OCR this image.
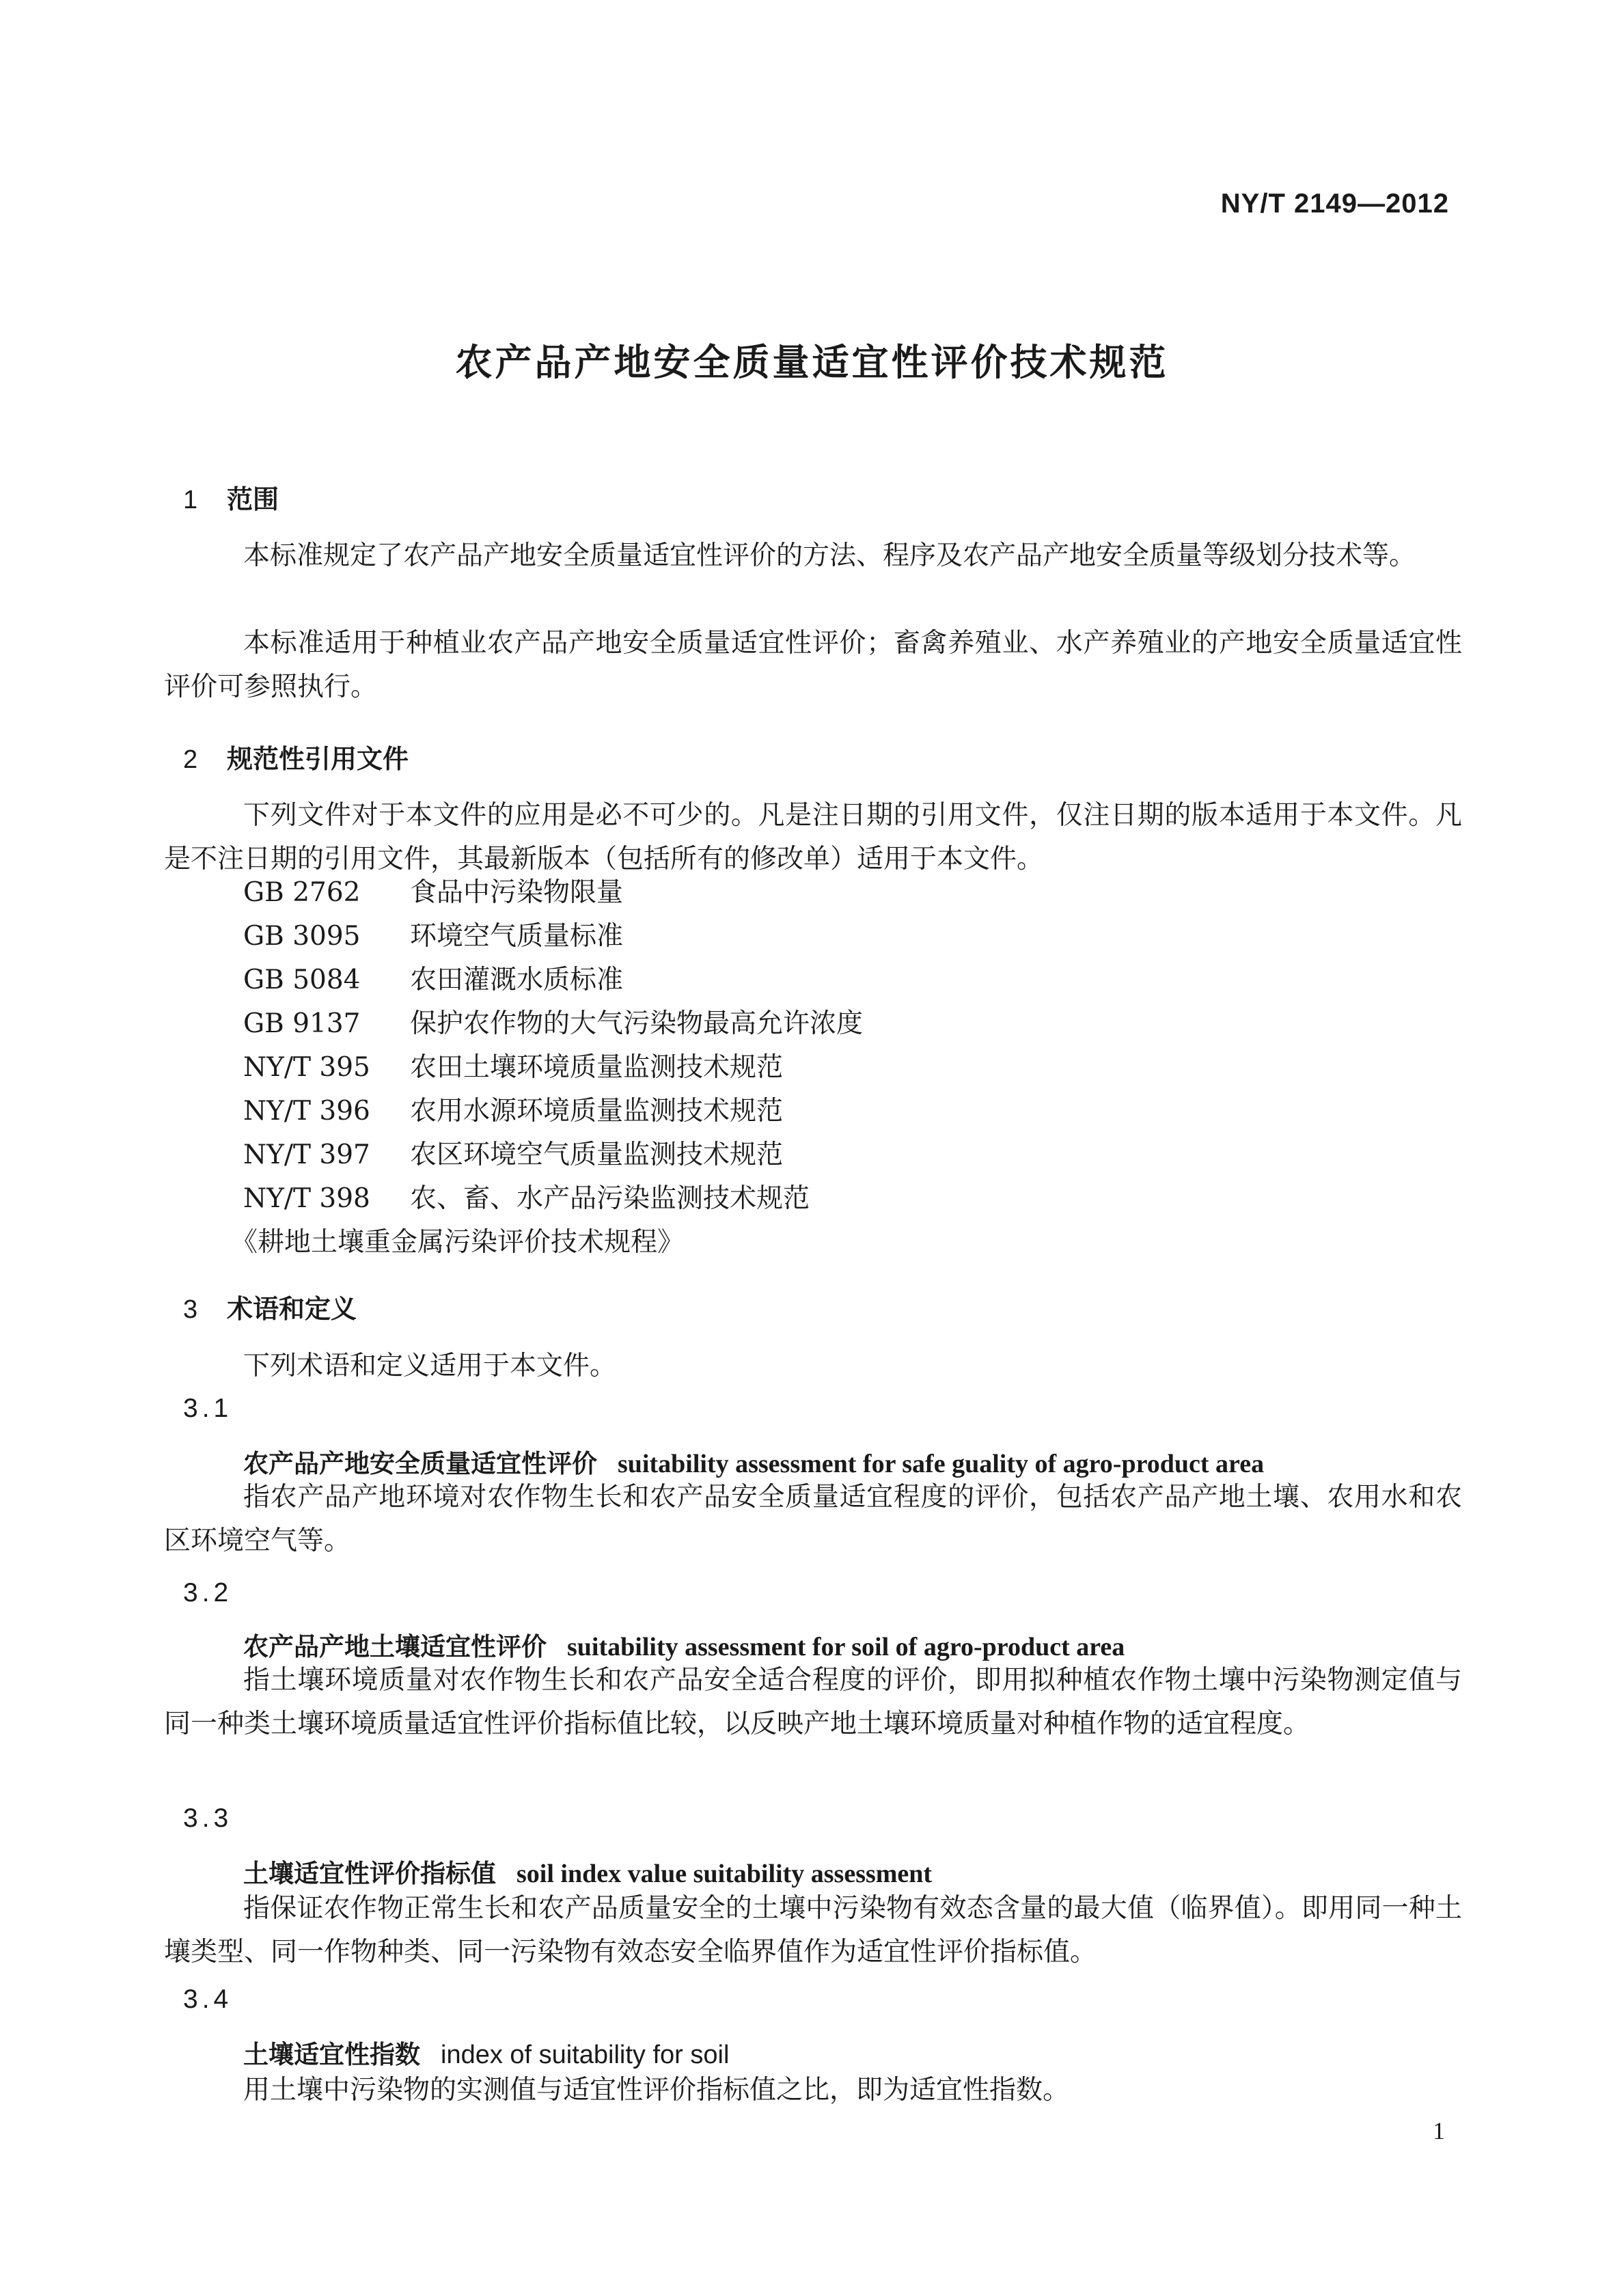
NY/T 2149—2012
农产品产地安全质量适宜性评价技术规范
1 范围
本标准规定了农产品产地安全质量适宜性评价的方法、程序及农产品产地安全质量等级划分技术等。
本标准适用于种植业农产品产地安全质量适宜性评价；畜禽养殖业、水产养殖业的产地安全质量适宜性评价可参照执行。
2 规范性引用文件
下列文件对于本文件的应用是必不可少的。凡是注日期的引用文件，仅注日期的版本适用于本文件。凡是不注日期的引用文件，其最新版本（包括所有的修改单）适用于本文件。
GB 2762 食品中污染物限量
GB 3095 环境空气质量标准
GB 5084 农田灌溉水质标准
GB 9137 保护农作物的大气污染物最高允许浓度
NY/T 395 农田土壤环境质量监测技术规范
NY/T 396 农用水源环境质量监测技术规范
NY/T 397 农区环境空气质量监测技术规范
NY/T 398 农、畜、水产品污染监测技术规范
《耕地土壤重金属污染评价技术规程》
3 术语和定义
下列术语和定义适用于本文件。
3.1
农产品产地安全质量适宜性评价 suitability assessment for safe guality of agro-product area
指农产品产地环境对农作物生长和农产品安全质量适宜程度的评价，包括农产品产地土壤、农用水和农区环境空气等。
3.2
农产品产地土壤适宜性评价 suitability assessment for soil of agro-product area
指土壤环境质量对农作物生长和农产品安全适合程度的评价，即用拟种植农作物土壤中污染物测定值与同一种类土壤环境质量适宜性评价指标值比较，以反映产地土壤环境质量对种植作物的适宜程度。
3.3
土壤适宜性评价指标值 soil index value suitability assessment
指保证农作物正常生长和农产品质量安全的土壤中污染物有效态含量的最大值（临界值）。即用同一种土壤类型、同一作物种类、同一污染物有效态安全临界值作为适宜性评价指标值。
3.4
土壤适宜性指数 index of suitability for soil
用土壤中污染物的实测值与适宜性评价指标值之比，即为适宜性指数。
1
